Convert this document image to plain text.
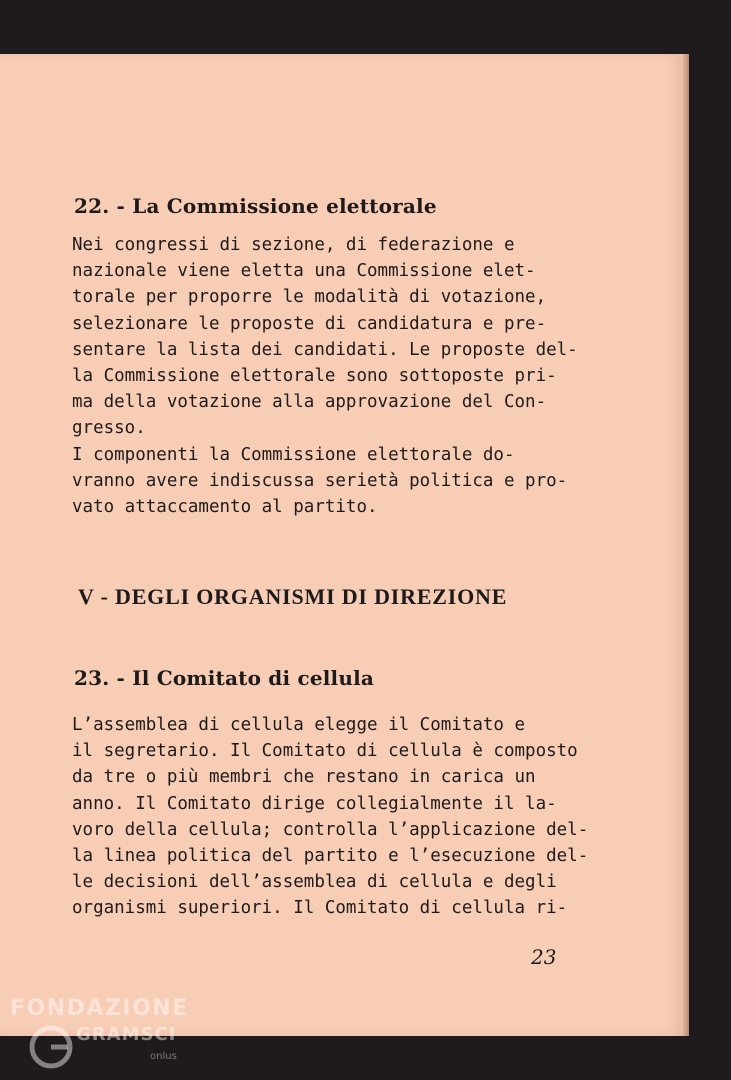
22. - La Commissione elettorale
Nei congressi di sezione, di federazione e
nazionale viene eletta una Commissione elet-
torale per proporre le modalità di votazione,
selezionare le proposte di candidatura e pre-
sentare la lista dei candidati. Le proposte del-
la Commissione elettorale sono sottoposte pri-
ma della votazione alla approvazione del Con-
gresso.
I componenti la Commissione elettorale do-
vranno avere indiscussa serietà politica e pro-
vato attaccamento al partito.
V - DEGLI ORGANISMI DI DIREZIONE
23. - Il Comitato di cellula
L’assemblea di cellula elegge il Comitato e
il segretario. Il Comitato di cellula è composto
da tre o più membri che restano in carica un
anno. Il Comitato dirige collegialmente il la-
voro della cellula; controlla l’applicazione del-
la linea politica del partito e l’esecuzione del-
le decisioni dell’assemblea di cellula e degli
organismi superiori. Il Comitato di cellula ri-

23

FONDAZIONE
GRAMSCI
onlus
